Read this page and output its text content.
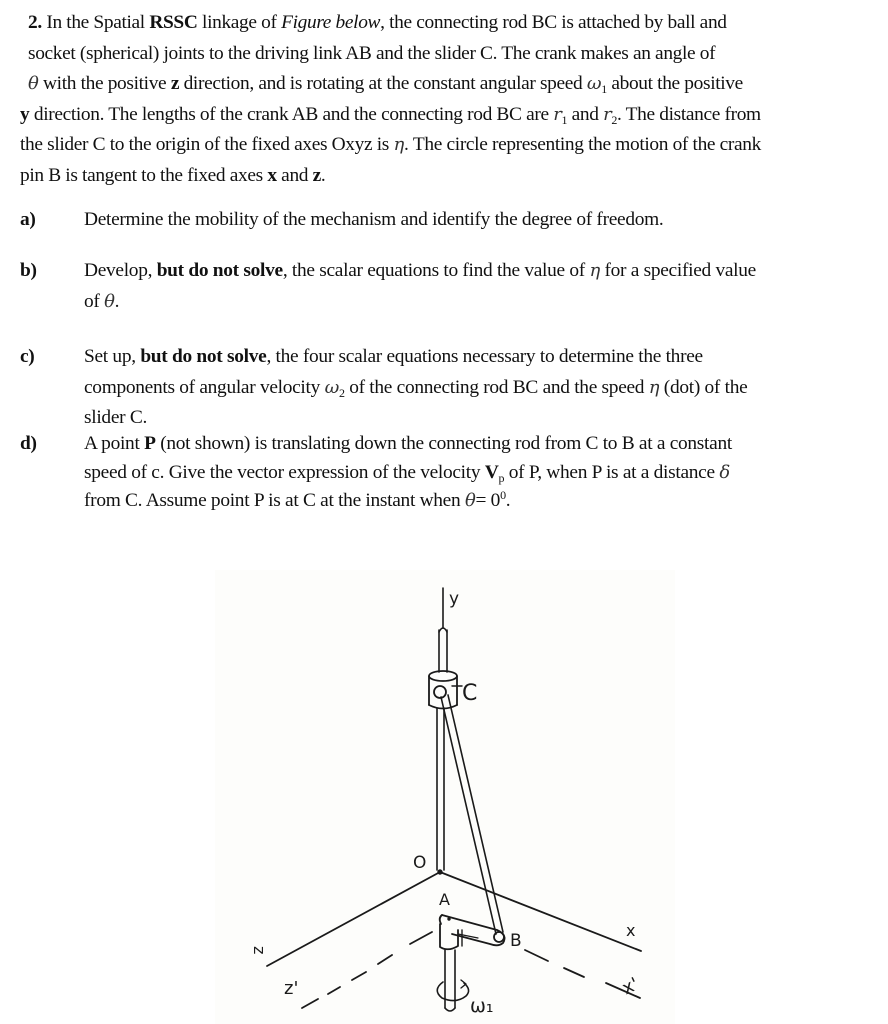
2. In the Spatial RSSC linkage of Figure below, the connecting rod BC is attached by ball and
socket (spherical) joints to the driving link AB and the slider C. The crank makes an angle of
θ with the positive z direction, and is rotating at the constant angular speed $\omega_1$ about the positive
y direction. The lengths of the crank AB and the connecting rod BC are $r_1$ and $r_2$. The distance from
the slider C to the origin of the fixed axes Oxyz is η. The circle representing the motion of the crank
pin B is tangent to the fixed axes x and z.
a) Determine the mobility of the mechanism and identify the degree of freedom.
b) Develop, but do not solve, the scalar equations to find the value of η for a specified value
of θ.
c)	Set up, but do not solve, the four scalar equations necessary to determine the three
components of angular velocity $\omega_2$ of the connecting rod BC and the speed η (dot) of the
slider C.
d) A point P (not shown) is translating down the connecting rod from C to B at a constant
speed of c. Give the vector expression of the velocity $V_p$ of P, when P is at a distance δ
from C. Assume point P is at C at the instant when $\theta= 0^0$.
y
C
O
A
B
x
z
z'	x'
ω₁
